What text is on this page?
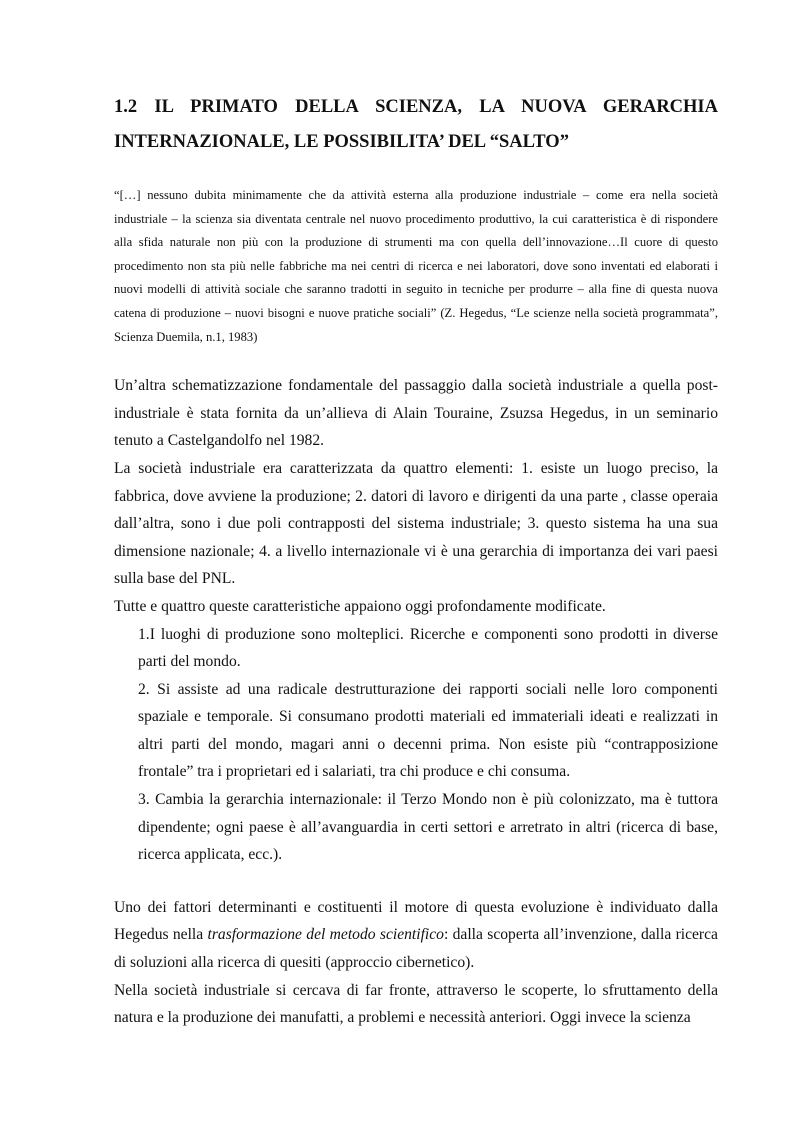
1.2 IL PRIMATO DELLA SCIENZA, LA NUOVA GERARCHIA
INTERNAZIONALE, LE POSSIBILITA’ DEL “SALTO”

“[…] nessuno dubita minimamente che da attività esterna alla produzione industriale – come era nella società industriale – la scienza sia diventata centrale nel nuovo procedimento produttivo, la cui caratteristica è di rispondere alla sfida naturale non più con la produzione di strumenti ma con quella dell’innovazione…Il cuore di questo procedimento non sta più nelle fabbriche ma nei centri di ricerca e nei laboratori, dove sono inventati ed elaborati i nuovi modelli di attività sociale che saranno tradotti in seguito in tecniche per produrre – alla fine di questa nuova catena di produzione – nuovi bisogni e nuove pratiche sociali” (Z. Hegedus, “Le scienze nella società programmata”, Scienza Duemila, n.1, 1983)

Un’altra schematizzazione fondamentale del passaggio dalla società industriale a quella post-industriale è stata fornita da un’allieva di Alain Touraine, Zsuzsa Hegedus, in un seminario tenuto a Castelgandolfo nel 1982.

La società industriale era caratterizzata da quattro elementi: 1. esiste un luogo preciso, la fabbrica, dove avviene la produzione; 2. datori di lavoro e dirigenti da una parte , classe operaia dall’altra, sono i due poli contrapposti del sistema industriale; 3. questo sistema ha una sua dimensione nazionale; 4. a livello internazionale vi è una gerarchia di importanza dei vari paesi sulla base del PNL.

Tutte e quattro queste caratteristiche appaiono oggi profondamente modificate.

1.I luoghi di produzione sono molteplici. Ricerche e componenti sono prodotti in diverse parti del mondo.

2. Si assiste ad una radicale destrutturazione dei rapporti sociali nelle loro componenti spaziale e temporale. Si consumano prodotti materiali ed immateriali ideati e realizzati in altri parti del mondo, magari anni o decenni prima. Non esiste più “contrapposizione frontale” tra i proprietari ed i salariati, tra chi produce e chi consuma.

3. Cambia la gerarchia internazionale: il Terzo Mondo non è più colonizzato, ma è tuttora dipendente; ogni paese è all’avanguardia in certi settori e arretrato in altri (ricerca di base, ricerca applicata, ecc.).

Uno dei fattori determinanti e costituenti il motore di questa evoluzione è individuato dalla Hegedus nella trasformazione del metodo scientifico: dalla scoperta all’invenzione, dalla ricerca di soluzioni alla ricerca di quesiti (approccio cibernetico).

Nella società industriale si cercava di far fronte, attraverso le scoperte, lo sfruttamento della natura e la produzione dei manufatti, a problemi e necessità anteriori. Oggi invece la scienza
